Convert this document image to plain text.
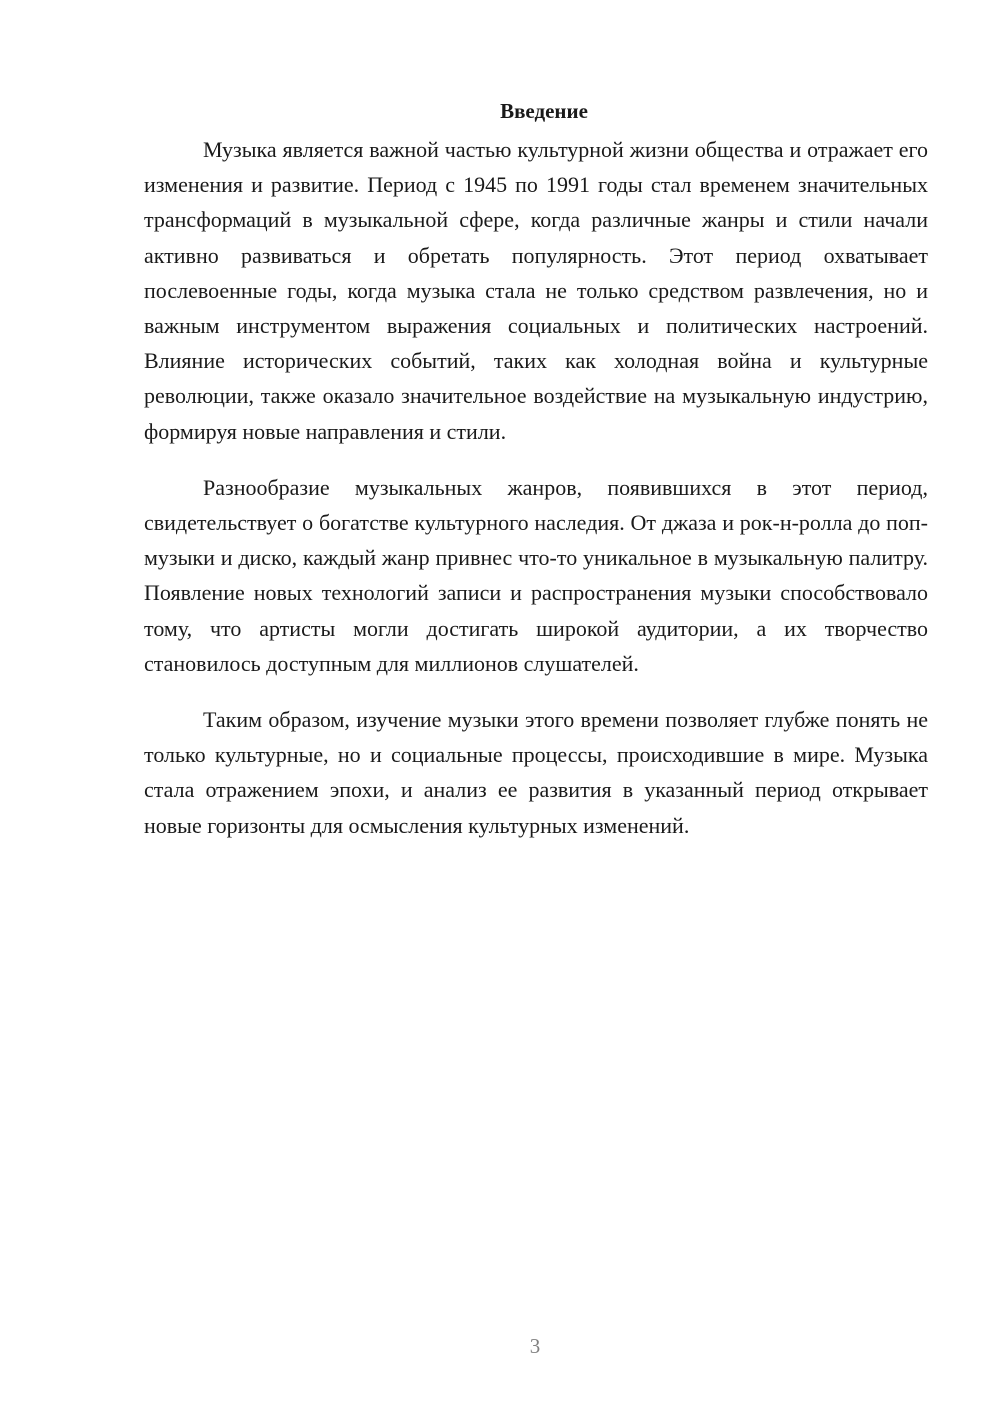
Введение

Музыка является важной частью культурной жизни общества и отражает его изменения и развитие. Период с 1945 по 1991 годы стал временем значительных трансформаций в музыкальной сфере, когда различные жанры и стили начали активно развиваться и обретать популярность. Этот период охватывает послевоенные годы, когда музыка стала не только средством развлечения, но и важным инструментом выражения социальных и политических настроений. Влияние исторических событий, таких как холодная война и культурные революции, также оказало значительное воздействие на музыкальную индустрию, формируя новые направления и стили.

Разнообразие музыкальных жанров, появившихся в этот период, свидетельствует о богатстве культурного наследия. От джаза и рок-н-ролла до поп-музыки и диско, каждый жанр привнес что-то уникальное в музыкальную палитру. Появление новых технологий записи и распространения музыки способствовало тому, что артисты могли достигать широкой аудитории, а их творчество становилось доступным для миллионов слушателей.

Таким образом, изучение музыки этого времени позволяет глубже понять не только культурные, но и социальные процессы, происходившие в мире. Музыка стала отражением эпохи, и анализ ее развития в указанный период открывает новые горизонты для осмысления культурных изменений.

3
